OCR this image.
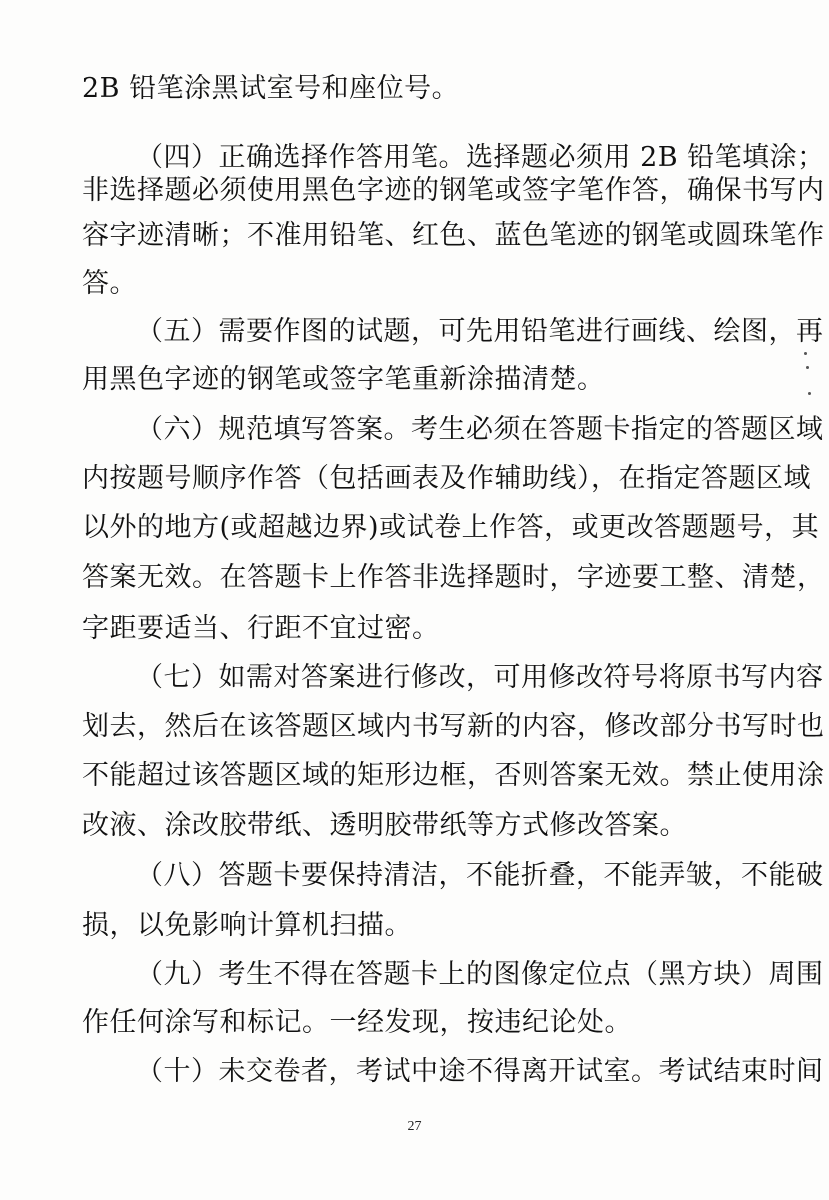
2B 铅笔涂黑试室号和座位号。
（四）正确选择作答用笔。选择题必须用 2B 铅笔填涂；
非选择题必须使用黑色字迹的钢笔或签字笔作答，确保书写内
容字迹清晰；不准用铅笔、红色、蓝色笔迹的钢笔或圆珠笔作
答。
（五）需要作图的试题，可先用铅笔进行画线、绘图，再
用黑色字迹的钢笔或签字笔重新涂描清楚。
（六）规范填写答案。考生必须在答题卡指定的答题区域
内按题号顺序作答（包括画表及作辅助线），在指定答题区域
以外的地方(或超越边界)或试卷上作答，或更改答题题号，其
答案无效。在答题卡上作答非选择题时，字迹要工整、清楚，
字距要适当、行距不宜过密。
（七）如需对答案进行修改，可用修改符号将原书写内容
划去，然后在该答题区域内书写新的内容，修改部分书写时也
不能超过该答题区域的矩形边框，否则答案无效。禁止使用涂
改液、涂改胶带纸、透明胶带纸等方式修改答案。
（八）答题卡要保持清洁，不能折叠，不能弄皱，不能破
损，以免影响计算机扫描。
（九）考生不得在答题卡上的图像定位点（黑方块）周围
作任何涂写和标记。一经发现，按违纪论处。
（十）未交卷者，考试中途不得离开试室。考试结束时间
27
